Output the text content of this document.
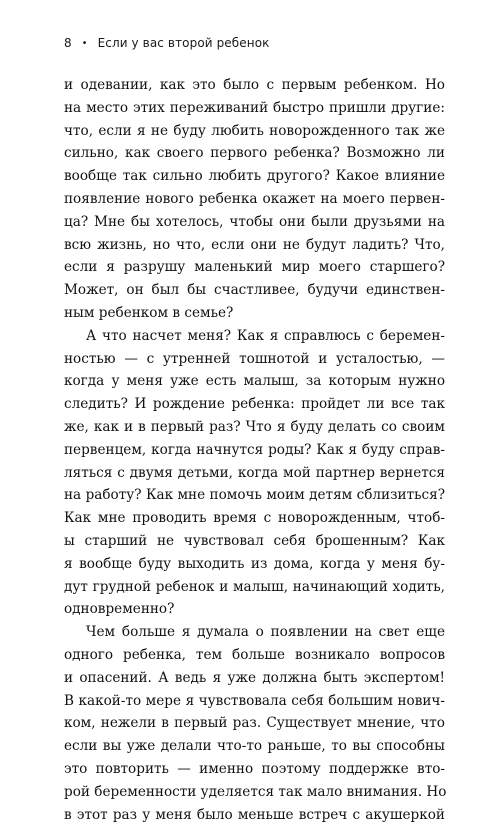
8 • Если у вас второй ребенок
и одевании, как это было с первым ребенком. Но
на место этих переживаний быстро пришли другие:
что, если я не буду любить новорожденного так же
сильно, как своего первого ребенка? Возможно ли
вообще так сильно любить другого? Какое влияние
появление нового ребенка окажет на моего первен-
ца? Мне бы хотелось, чтобы они были друзьями на
всю жизнь, но что, если они не будут ладить? Что,
если я разрушу маленький мир моего старшего?
Может, он был бы счастливее, будучи единствен-
ным ребенком в семье?
А что насчет меня? Как я справлюсь с беремен-
ностью — с утренней тошнотой и усталостью, —
когда у меня уже есть малыш, за которым нужно
следить? И рождение ребенка: пройдет ли все так
же, как и в первый раз? Что я буду делать со своим
первенцем, когда начнутся роды? Как я буду справ-
ляться с двумя детьми, когда мой партнер вернется
на работу? Как мне помочь моим детям сблизиться?
Как мне проводить время с новорожденным, чтоб-
ы старший не чувствовал себя брошенным? Как
я вообще буду выходить из дома, когда у меня бу-
дут грудной ребенок и малыш, начинающий ходить,
одновременно?
Чем больше я думала о появлении на свет еще
одного ребенка, тем больше возникало вопросов
и опасений. А ведь я уже должна быть экспертом!
В какой-то мере я чувствовала себя большим нович-
ком, нежели в первый раз. Существует мнение, что
если вы уже делали что-то раньше, то вы способны
это повторить — именно поэтому поддержке вто-
рой беременности уделяется так мало внимания. Но
в этот раз у меня было меньше встреч с акушеркой
